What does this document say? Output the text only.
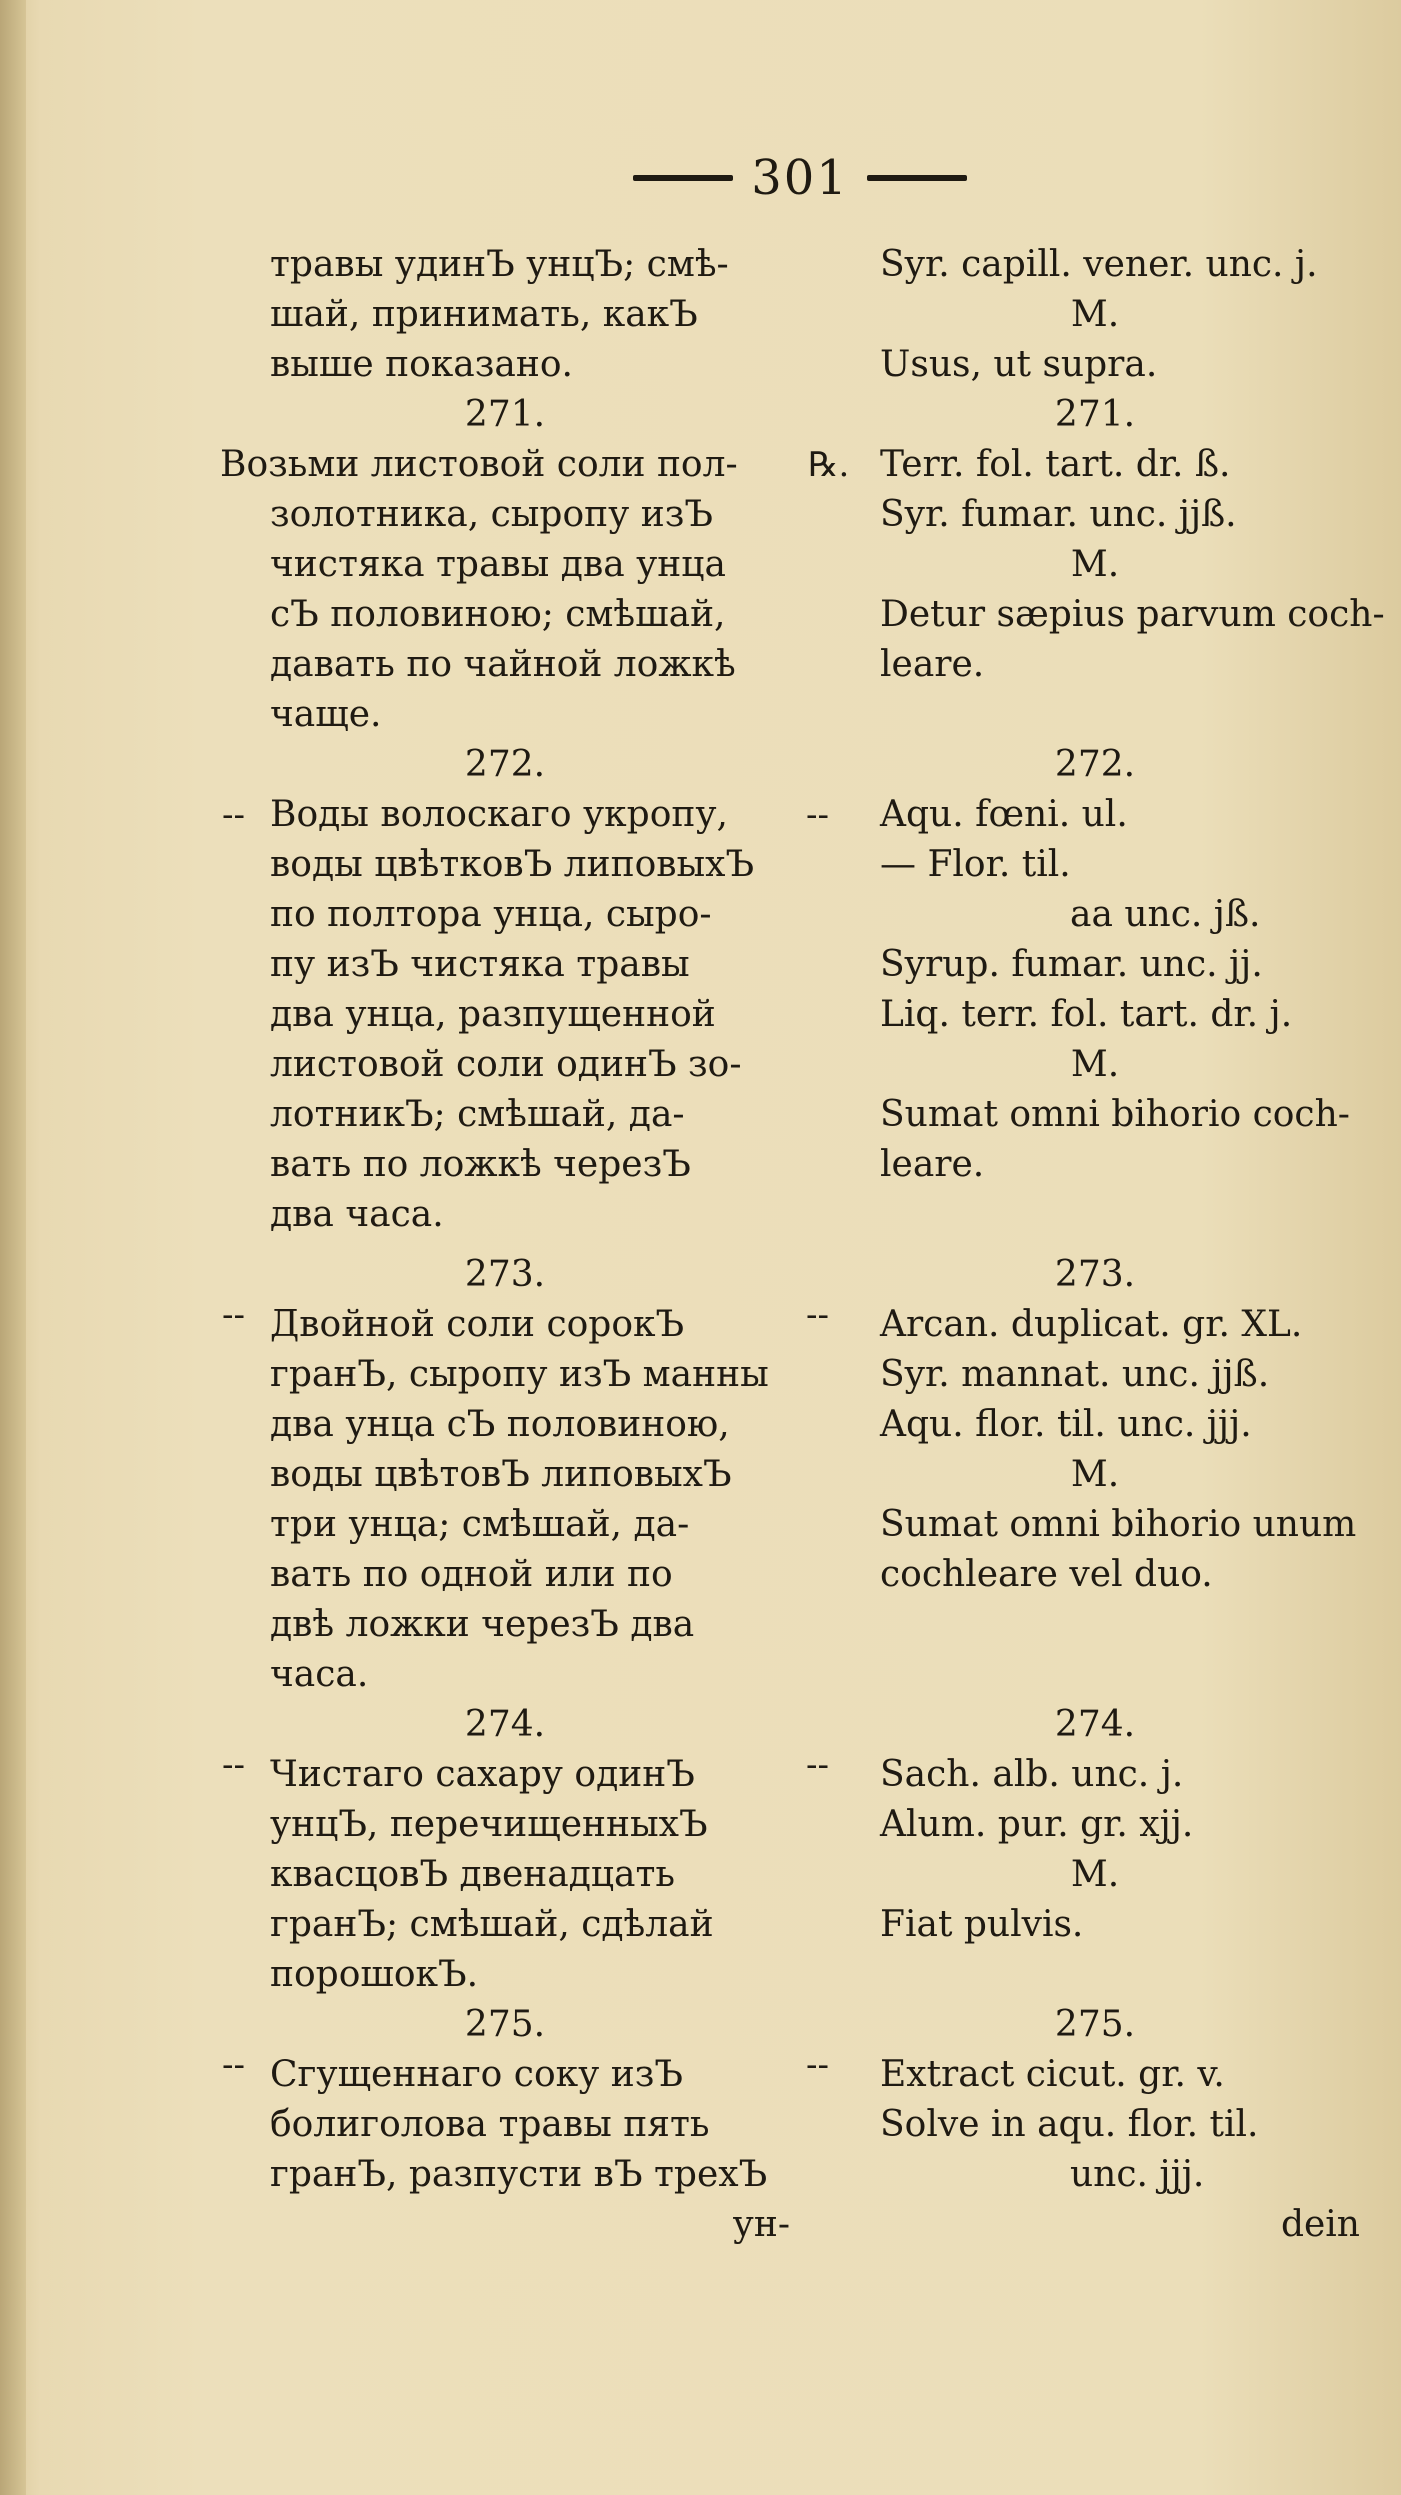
301
℞.
--
--
--
--
--
--
--
--
травы удинЪ унцЪ; смѣ-
шай, принимать, какЪ
выше показано.
271.
Возьми листовой соли пол-
золотника, сыропу изЪ
чистяка травы два унца
сЪ половиною; смѣшай,
давать по чайной ложкѣ
чаще.
272.
Воды волоскаго укропу,
воды цвѣтковЪ липовыхЪ
по полтора унца, сыро-
пу изЪ чистяка травы
два унца, разпущенной
листовой соли одинЪ зо-
лотникЪ; смѣшай, да-
вать по ложкѣ черезЪ
два часа.
273.
Двойной соли сорокЪ
гранЪ, сыропу изЪ манны
два унца сЪ половиною,
воды цвѣтовЪ липовыхЪ
три унца; смѣшай, да-
вать по одной или по
двѣ ложки черезЪ два
часа.
274.
Чистаго сахару одинЪ
унцЪ, перечищенныхЪ
квасцовЪ двенадцать
гранЪ; смѣшай, сдѣлай
порошокЪ.
275.
Сгущеннаго соку изЪ
болиголова травы пять
гранЪ, разпусти вЪ трехЪ
ун-
Syr. capill. vener. unc. j.
M.
Usus, ut supra.
271.
Terr. fol. tart. dr. ß.
Syr. fumar. unc. jjß.
M.
Detur sæpius parvum coch-
leare.
272.
Aqu. fœni. ul.
— Flor. til.
aa unc. jß.
Syrup. fumar. unc. jj.
Liq. terr. fol. tart. dr. j.
M.
Sumat omni bihorio coch-
leare.
273.
Arcan. duplicat. gr. XL.
Syr. mannat. unc. jjß.
Aqu. flor. til. unc. jjj.
M.
Sumat omni bihorio unum
cochleare vel duo.
274.
Sach. alb. unc. j.
Alum. pur. gr. xjj.
M.
Fiat pulvis.
275.
Extract cicut. gr. v.
Solve in aqu. flor. til.
unc. jjj.
dein
